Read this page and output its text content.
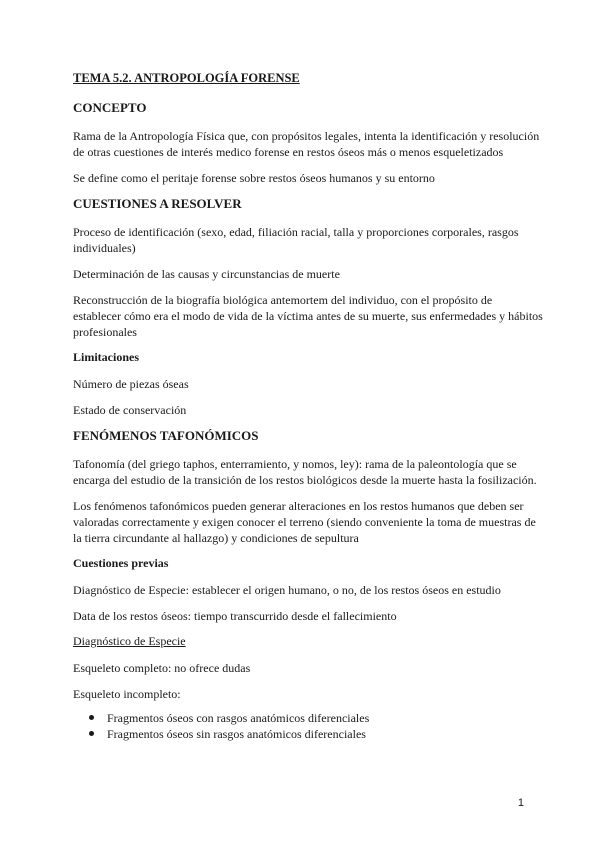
TEMA 5.2. ANTROPOLOGÍA FORENSE
CONCEPTO
Rama de la Antropología Física que, con propósitos legales, intenta la identificación y resolución de otras cuestiones de interés medico forense en restos óseos más o menos esqueletizados
Se define como el peritaje forense sobre restos óseos humanos y su entorno
CUESTIONES A RESOLVER
Proceso de identificación (sexo, edad, filiación racial, talla y proporciones corporales, rasgos individuales)
Determinación de las causas y circunstancias de muerte
Reconstrucción de la biografía biológica antemortem del individuo, con el propósito de establecer cómo era el modo de vida de la víctima antes de su muerte, sus enfermedades y hábitos profesionales
Limitaciones
Número de piezas óseas
Estado de conservación
FENÓMENOS TAFONÓMICOS
Tafonomía (del griego taphos, enterramiento, y nomos, ley): rama de la paleontología que se encarga del estudio de la transición de los restos biológicos desde la muerte hasta la fosilización.
Los fenómenos tafonómicos pueden generar alteraciones en los restos humanos que deben ser valoradas correctamente y exigen conocer el terreno (siendo conveniente la toma de muestras de la tierra circundante al hallazgo) y condiciones de sepultura
Cuestiones previas
Diagnóstico de Especie: establecer el origen humano, o no, de los restos óseos en estudio
Data de los restos óseos: tiempo transcurrido desde el fallecimiento
Diagnóstico de Especie
Esqueleto completo: no ofrece dudas
Esqueleto incompleto:
Fragmentos óseos con rasgos anatómicos diferenciales
Fragmentos óseos sin rasgos anatómicos diferenciales
1
